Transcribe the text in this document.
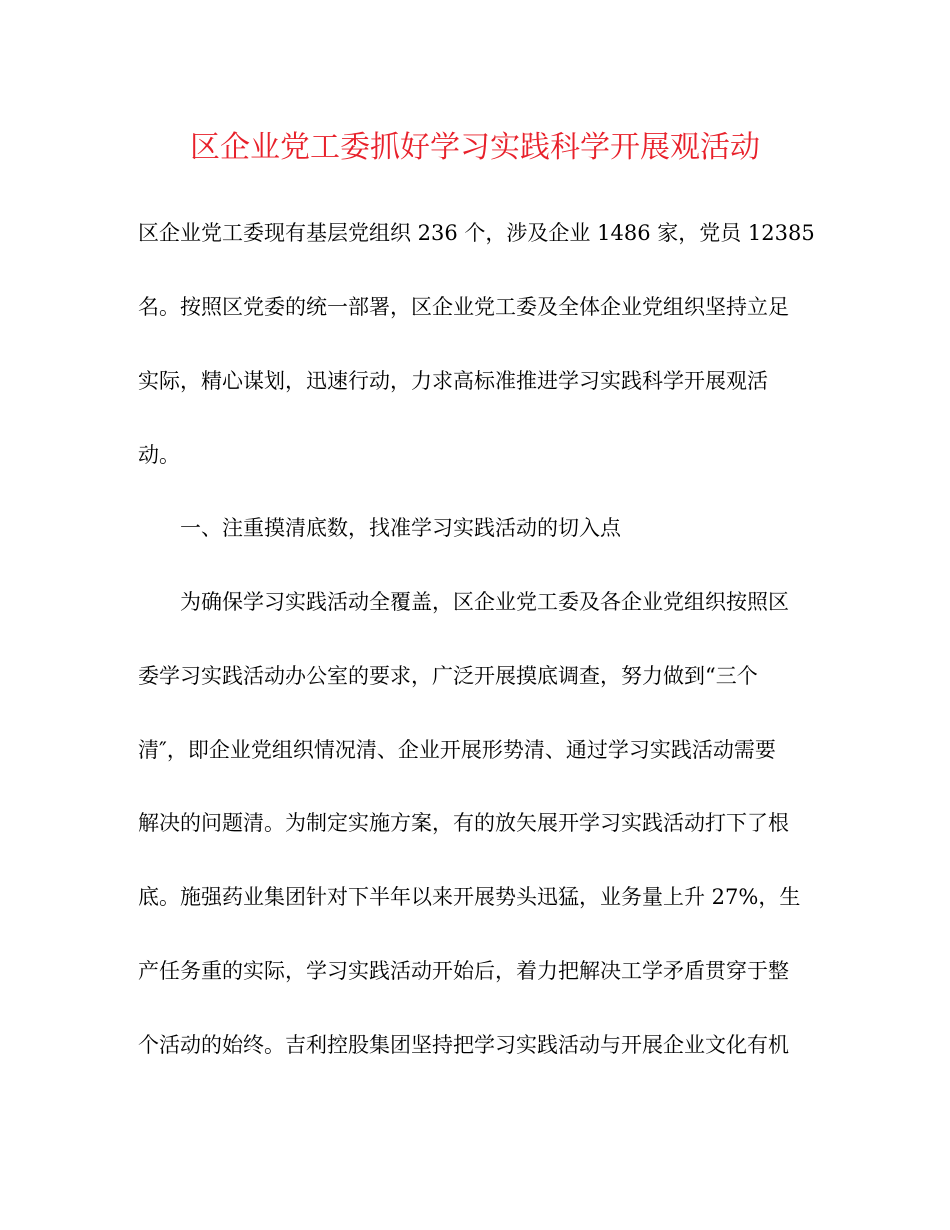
区企业党工委抓好学习实践科学开展观活动
区企业党工委现有基层党组织 236 个，涉及企业 1486 家，党员 12385
名。按照区党委的统一部署，区企业党工委及全体企业党组织坚持立足
实际，精心谋划，迅速行动，力求高标准推进学习实践科学开展观活
动。
一、注重摸清底数，找准学习实践活动的切入点
为确保学习实践活动全覆盖，区企业党工委及各企业党组织按照区
委学习实践活动办公室的要求，广泛开展摸底调查，努力做到“三个
清″，即企业党组织情况清、企业开展形势清、通过学习实践活动需要
解决的问题清。为制定实施方案，有的放矢展开学习实践活动打下了根
底。施强药业集团针对下半年以来开展势头迅猛，业务量上升 27%，生
产任务重的实际，学习实践活动开始后，着力把解决工学矛盾贯穿于整
个活动的始终。吉利控股集团坚持把学习实践活动与开展企业文化有机
